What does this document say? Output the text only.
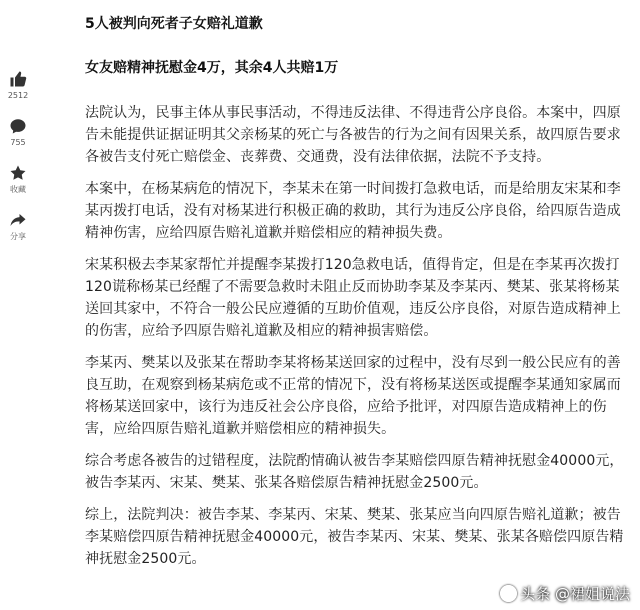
2512
755
收藏
分享

5人被判向死者子女赔礼道歉

女友赔精神抚慰金4万，其余4人共赔1万

法院认为，民事主体从事民事活动，不得违反法律、不得违背公序良俗。本案中，四原告未能提供证据证明其父亲杨某的死亡与各被告的行为之间有因果关系，故四原告要求各被告支付死亡赔偿金、丧葬费、交通费，没有法律依据，法院不予支持。

本案中，在杨某病危的情况下，李某未在第一时间拨打急救电话，而是给朋友宋某和李某丙拨打电话，没有对杨某进行积极正确的救助，其行为违反公序良俗，给四原告造成精神伤害，应给四原告赔礼道歉并赔偿相应的精神损失费。

宋某积极去李某家帮忙并提醒李某拨打120急救电话，值得肯定，但是在李某再次拨打120谎称杨某已经醒了不需要急救时未阻止反而协助李某及李某丙、樊某、张某将杨某送回其家中，不符合一般公民应遵循的互助价值观，违反公序良俗，对原告造成精神上的伤害，应给予四原告赔礼道歉及相应的精神损害赔偿。

李某丙、樊某以及张某在帮助李某将杨某送回家的过程中，没有尽到一般公民应有的善良互助，在观察到杨某病危或不正常的情况下，没有将杨某送医或提醒李某通知家属而将杨某送回家中，该行为违反社会公序良俗，应给予批评，对四原告造成精神上的伤害，应给四原告赔礼道歉并赔偿相应的精神损失。

综合考虑各被告的过错程度，法院酌情确认被告李某赔偿四原告精神抚慰金40000元，被告李某丙、宋某、樊某、张某各赔偿原告精神抚慰金2500元。

综上，法院判决：被告李某、李某丙、宋某、樊某、张某应当向四原告赔礼道歉；被告李某赔偿四原告精神抚慰金40000元，被告李某丙、宋某、樊某、张某各赔偿四原告精神抚慰金2500元。

头条 @裙姐说法
